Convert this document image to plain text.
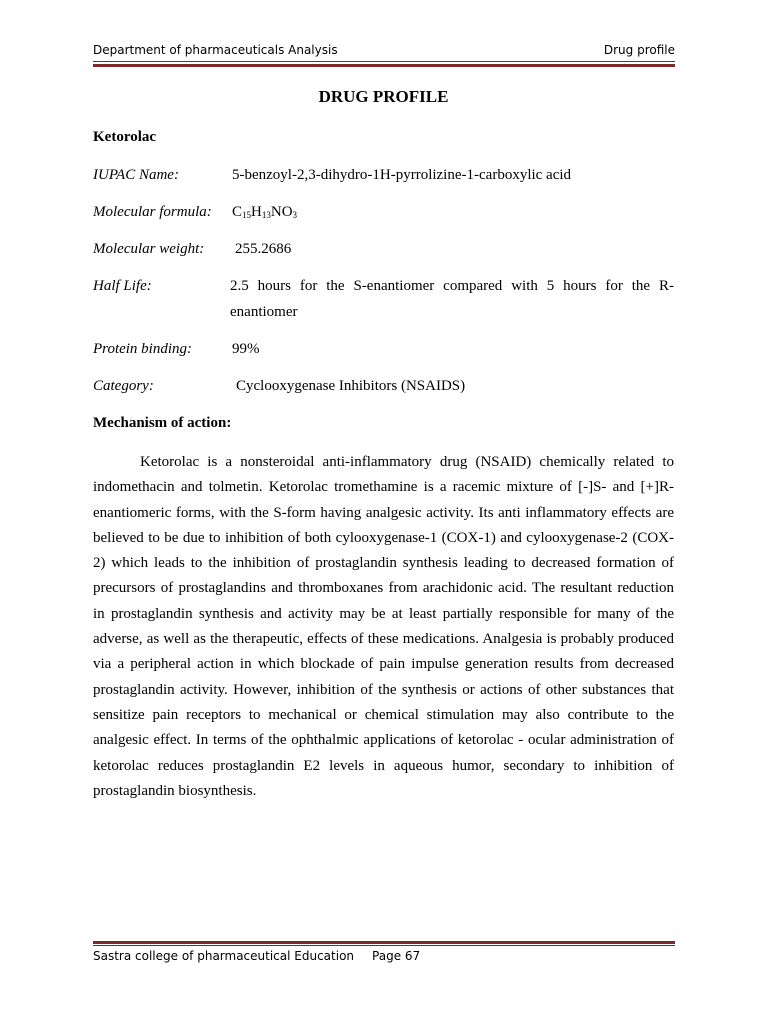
Department of pharmaceuticals Analysis	Drug profile
DRUG PROFILE
Ketorolac
IUPAC Name:	5-benzoyl-2,3-dihydro-1H-pyrrolizine-1-carboxylic acid
Molecular formula: $C_{15}H_{13}NO_3$
Molecular weight: 255.2686
Half Life:	2.5 hours for the S-enantiomer compared with 5 hours for the R-enantiomer
Protein binding:	99%
Category:	Cyclooxygenase Inhibitors (NSAIDS)
Mechanism of action:
Ketorolac is a nonsteroidal anti-inflammatory drug (NSAID) chemically related to indomethacin and tolmetin. Ketorolac tromethamine is a racemic mixture of [-]S- and [+]R-enantiomeric forms, with the S-form having analgesic activity. Its anti inflammatory effects are believed to be due to inhibition of both cylooxygenase-1 (COX-1) and cylooxygenase-2 (COX-2) which leads to the inhibition of prostaglandin synthesis leading to decreased formation of precursors of prostaglandins and thromboxanes from arachidonic acid. The resultant reduction in prostaglandin synthesis and activity may be at least partially responsible for many of the adverse, as well as the therapeutic, effects of these medications. Analgesia is probably produced via a peripheral action in which blockade of pain impulse generation results from decreased prostaglandin activity. However, inhibition of the synthesis or actions of other substances that sensitize pain receptors to mechanical or chemical stimulation may also contribute to the analgesic effect. In terms of the ophthalmic applications of ketorolac - ocular administration of ketorolac reduces prostaglandin E2 levels in aqueous humor, secondary to inhibition of prostaglandin biosynthesis.
Sastra college of pharmaceutical Education Page 67
